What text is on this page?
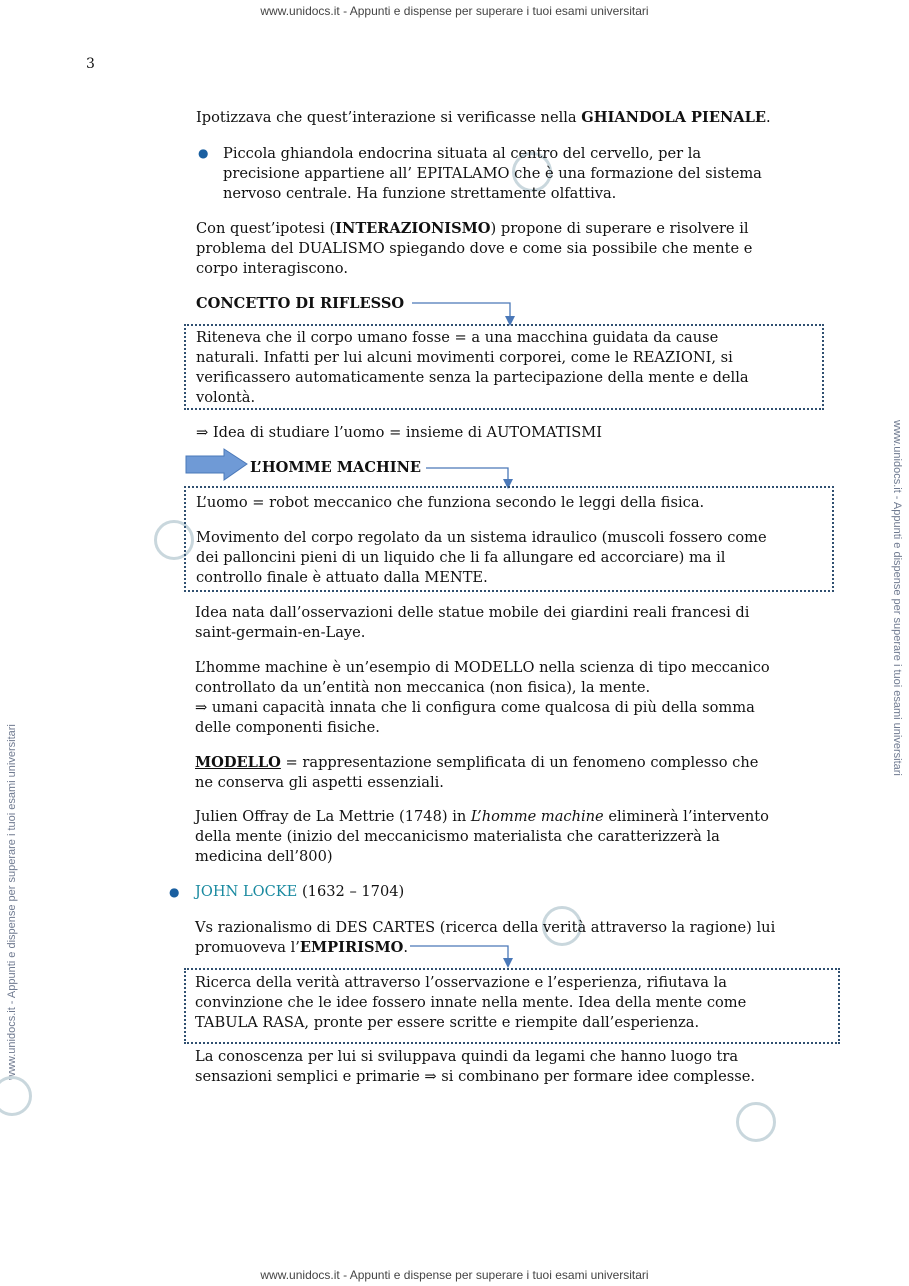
www.unidocs.it - Appunti e dispense per superare i tuoi esami universitari
www.unidocs.it - Appunti e dispense per superare i tuoi esami universitari
www.unidocs.it - Appunti e dispense per superare i tuoi esami universitari
www.unidocs.it - Appunti e dispense per superare i tuoi esami universitari
3

Ipotizzava che quest’interazione si verificasse nella GHIANDOLA PIENALE.

● Piccola ghiandola endocrina situata al centro del cervello, per la
precisione appartiene all’ EPITALAMO che è una formazione del sistema
nervoso centrale. Ha funzione strettamente olfattiva.

Con quest’ipotesi (INTERAZIONISMO) propone di superare e risolvere il
problema del DUALISMO spiegando dove e come sia possibile che mente e
corpo interagiscono.

CONCETTO DI RIFLESSO

Riteneva che il corpo umano fosse = a una macchina guidata da cause
naturali. Infatti per lui alcuni movimenti corporei, come le REAZIONI, si
verificassero automaticamente senza la partecipazione della mente e della
volontà.

⇒ Idea di studiare l’uomo = insieme di AUTOMATISMI

L’HOMME MACHINE

L’uomo = robot meccanico che funziona secondo le leggi della fisica.

Movimento del corpo regolato da un sistema idraulico (muscoli fossero come
dei palloncini pieni di un liquido che li fa allungare ed accorciare) ma il
controllo finale è attuato dalla MENTE.

Idea nata dall’osservazioni delle statue mobile dei giardini reali francesi di
saint-germain-en-Laye.

L’homme machine è un’esempio di MODELLO nella scienza di tipo meccanico
controllato da un’entità non meccanica (non fisica), la mente.
⇒ umani capacità innata che li configura come qualcosa di più della somma
delle componenti fisiche.

MODELLO = rappresentazione semplificata di un fenomeno complesso che
ne conserva gli aspetti essenziali.

Julien Offray de La Mettrie (1748) in L’homme machine eliminerà l’intervento
della mente (inizio del meccanicismo materialista che caratterizzerà la
medicina dell’800)

● JOHN LOCKE (1632 – 1704)

Vs razionalismo di DES CARTES (ricerca della verità attraverso la ragione) lui
promuoveva l’EMPIRISMO.

Ricerca della verità attraverso l’osservazione e l’esperienza, rifiutava la
convinzione che le idee fossero innate nella mente. Idea della mente come
TABULA RASA, pronte per essere scritte e riempite dall’esperienza.

La conoscenza per lui si sviluppava quindi da legami che hanno luogo tra
sensazioni semplici e primarie ⇒ si combinano per formare idee complesse.
